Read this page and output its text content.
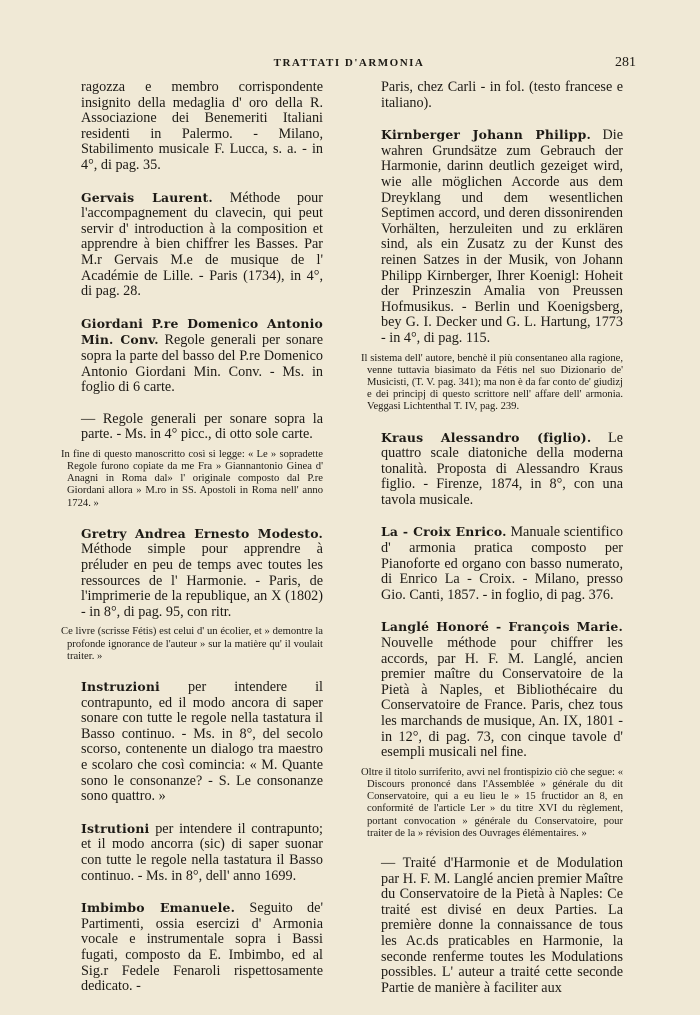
TRATTATI D'ARMONIA	281

ragozza e membro corrispondente insignito della medaglia d' oro della R. Associazione dei Benemeriti Italiani residenti in Palermo. - Milano, Stabilimento musicale F. Lucca, s. a. - in 4°, di pag. 35.

Gervais Laurent. Méthode pour l'accompagnement du clavecin, qui peut servir d' introduction à la composition et apprendre à bien chiffrer les Basses. Par M.r Gervais M.e de musique de l' Académie de Lille. - Paris (1734), in 4°, di pag. 28.

Giordani P.re Domenico Antonio Min. Conv. Regole generali per sonare sopra la parte del basso del P.re Domenico Antonio Giordani Min. Conv. - Ms. in foglio di 6 carte.

— Regole generali per sonare sopra la parte. - Ms. in 4° picc., di otto sole carte.

In fine di questo manoscritto così si legge: « Le » sopradette Regole furono copiate da me Fra » Giannantonio Ginea d' Anagni in Roma dal» l' originale composto dal P.re Giordani allora » M.ro in SS. Apostoli in Roma nell' anno 1724. »

Gretry Andrea Ernesto Modesto. Méthode simple pour apprendre à préluder en peu de temps avec toutes les ressources de l' Harmonie. - Paris, de l'imprimerie de la republique, an X (1802) - in 8°, di pag. 95, con ritr.

Ce livre (scrisse Fétis) est celui d' un écolier, et » demontre la profonde ignorance de l'auteur » sur la matière qu' il voulait traiter. »

Instruzioni per intendere il contrapunto, ed il modo ancora di saper sonare con tutte le regole nella tastatura il Basso continuo. - Ms. in 8°, del secolo scorso, contenente un dialogo tra maestro e scolaro che così comincia: « M. Quante sono le consonanze? - S. Le consonanze sono quattro. »

Istrutioni per intendere il contrapunto; et il modo ancorra (sic) di saper suonar con tutte le regole nella tastatura il Basso continuo. - Ms. in 8°, dell' anno 1699.

Imbimbo Emanuele. Seguito de' Partimenti, ossia esercizi d' Armonia vocale e instrumentale sopra i Bassi fugati, composto da E. Imbimbo, ed al Sig.r Fedele Fenaroli rispettosamente dedicato. -

Paris, chez Carli - in fol. (testo francese e italiano).

Kirnberger Johann Philipp. Die wahren Grundsätze zum Gebrauch der Harmonie, darinn deutlich gezeiget wird, wie alle möglichen Accorde aus dem Dreyklang und dem wesentlichen Septimen accord, und deren dissonirenden Vorhälten, herzuleiten und zu erklären sind, als ein Zusatz zu der Kunst des reinen Satzes in der Musik, von Johann Philipp Kirnberger, Ihrer Koenigl: Hoheit der Prinzeszin Amalia von Preussen Hofmusikus. - Berlin und Koenigsberg, bey G. I. Decker und G. L. Hartung, 1773 - in 4°, di pag. 115.

Il sistema dell' autore, benchè il più consentaneo alla ragione, venne tuttavia biasimato da Fétis nel suo Dizionario de' Musicisti, (T. V. pag. 341); ma non è da far conto de' giudizj e dei principj di questo scrittore nell' affare dell' armonia. Veggasi Lichtenthal T. IV, pag. 239.

Kraus Alessandro (figlio). Le quattro scale diatoniche della moderna tonalità. Proposta di Alessandro Kraus figlio. - Firenze, 1874, in 8°, con una tavola musicale.

La - Croix Enrico. Manuale scientifico d' armonia pratica composto per Pianoforte ed organo con basso numerato, di Enrico La - Croix. - Milano, presso Gio. Canti, 1857. - in foglio, di pag. 376.

Langlé Honoré - François Marie. Nouvelle méthode pour chiffrer les accords, par H. F. M. Langlé, ancien premier maître du Conservatoire de la Pietà à Naples, et Bibliothécaire du Conservatoire de France. Paris, chez tous les marchands de musique, An. IX, 1801 - in 12°, di pag. 73, con cinque tavole d' esempli musicali nel fine.

Oltre il titolo surriferito, avvi nel frontispizio ciò che segue: « Discours prononcé dans l'Assemblée » générale du dit Conservatoire, qui a eu lieu le » 15 fructidor an 8, en conformité de l'article Ler » du titre XVI du règlement, portant convocation » générale du Conservatoire, pour traiter de la » révision des Ouvrages élémentaires. »

— Traité d'Harmonie et de Modulation par H. F. M. Langlé ancien premier Maître du Conservatoire de la Pietà à Naples: Ce traité est divisé en deux Parties. La première donne la connaissance de tous les Ac.ds praticables en Harmonie, la seconde renferme toutes les Modulations possibles. L' auteur a traité cette seconde Partie de manière à faciliter aux
